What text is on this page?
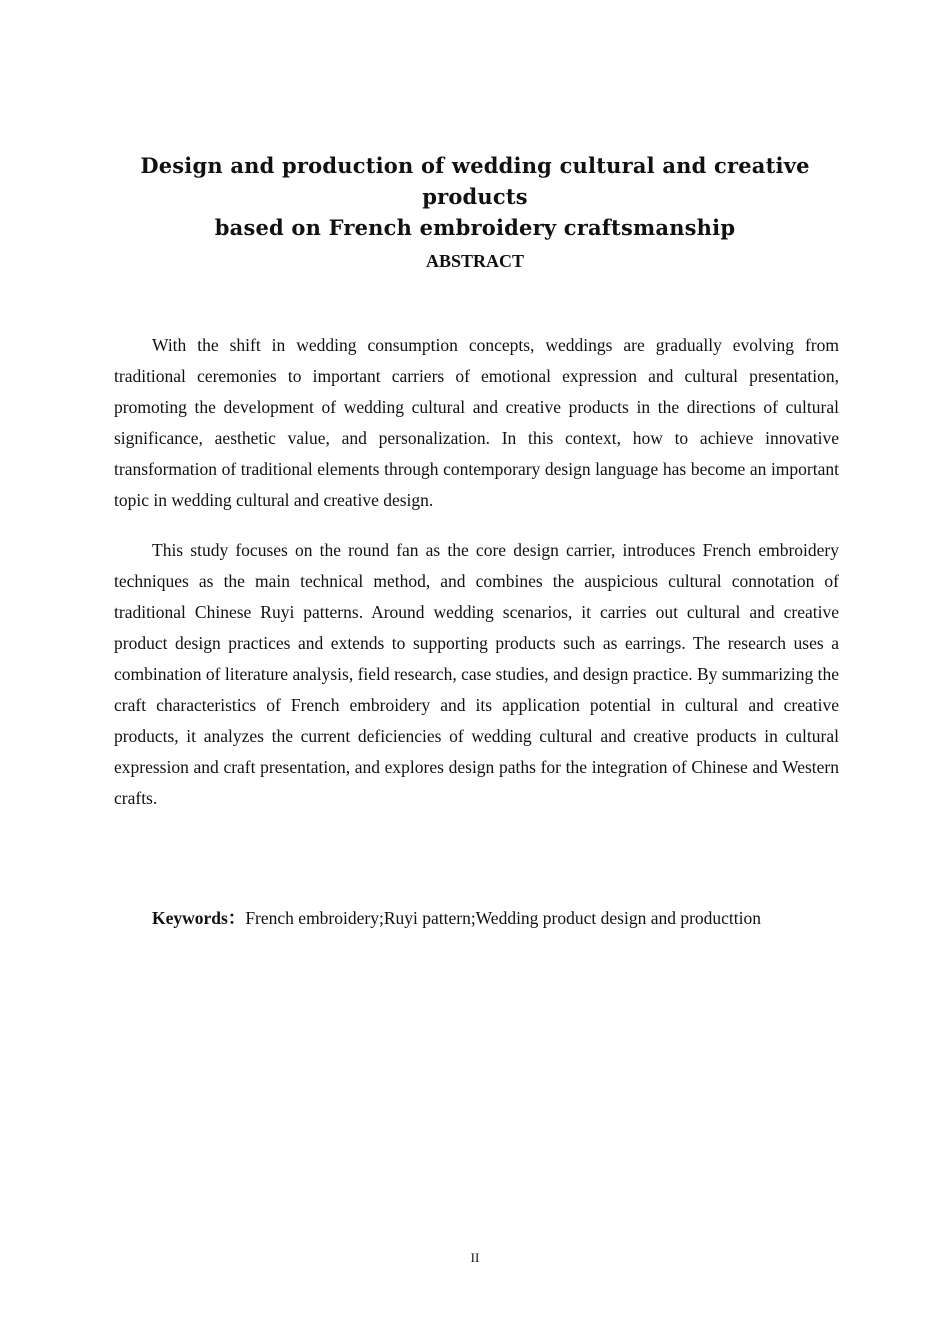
Design and production of wedding cultural and creative products
based on French embroidery craftsmanship
ABSTRACT

With the shift in wedding consumption concepts, weddings are gradually evolving from traditional ceremonies to important carriers of emotional expression and cultural presentation, promoting the development of wedding cultural and creative products in the directions of cultural significance, aesthetic value, and personalization. In this context, how to achieve innovative transformation of traditional elements through contemporary design language has become an important topic in wedding cultural and creative design.

This study focuses on the round fan as the core design carrier, introduces French embroidery techniques as the main technical method, and combines the auspicious cultural connotation of traditional Chinese Ruyi patterns. Around wedding scenarios, it carries out cultural and creative product design practices and extends to supporting products such as earrings. The research uses a combination of literature analysis, field research, case studies, and design practice. By summarizing the craft characteristics of French embroidery and its application potential in cultural and creative products, it analyzes the current deficiencies of wedding cultural and creative products in cultural expression and craft presentation, and explores design paths for the integration of Chinese and Western crafts.

Keywords：French embroidery;Ruyi pattern;Wedding product design and producttion
II
